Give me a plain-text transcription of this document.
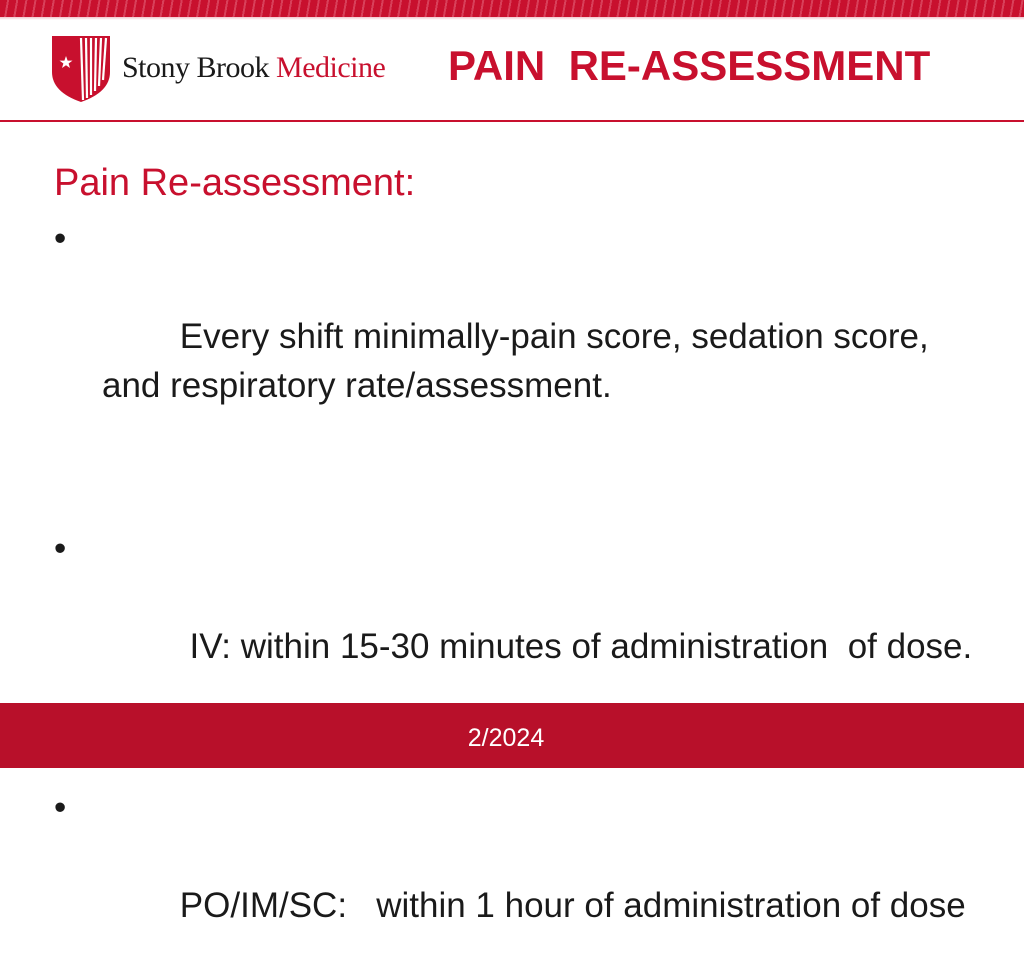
Stony Brook Medicine PAIN  RE-ASSESSMENT
Pain Re-assessment:

•

Every shift minimally-pain score, sedation score, and respiratory rate/assessment.

•

IV: within 15-30 minutes of administration  of dose.

•

PO/IM/SC:   within 1 hour of administration of dose

2/2024
